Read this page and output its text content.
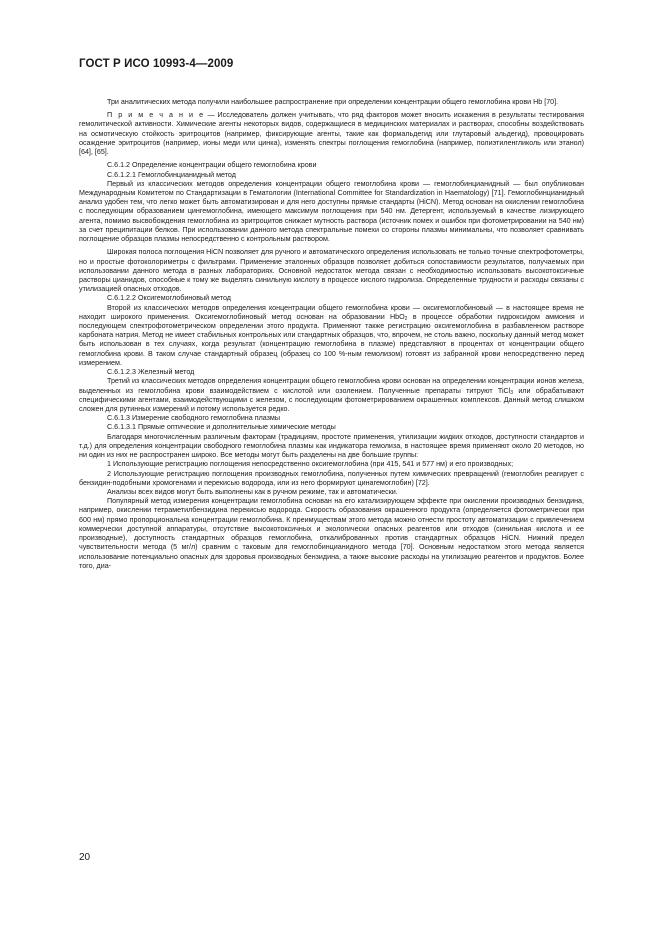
ГОСТ Р ИСО 10993-4—2009

Три аналитических метода получили наибольшее распространение при определении концентрации общего гемоглобина крови Hb [70].

П р и м е ч а н и е — Исследователь должен учитывать, что ряд факторов может вносить искажения в результаты тестирования гемолитической активности. Химические агенты некоторых видов, содержащиеся в медицинских материалах и растворах, способны воздействовать на осмотическую стойкость эритроцитов (например, фиксирующие агенты, такие как формальдегид или глутаровый альдегид), провоцировать осаждение эритроцитов (например, ионы меди или цинка), изменять спектры поглощения гемоглобина (например, полиэтиленгликоль или этанол) [64], [65].

С.6.1.2 Определение концентрации общего гемоглобина крови

С.6.1.2.1 Гемоглобинцианидный метод

Первый из классических методов определения концентрации общего гемоглобина крови — гемоглобинцианидный — был опубликован Международным Комитетом по Стандартизации в Гематологии (International Committee for Standardization in Haematology) [71]. Гемоглобинцианидный анализ удобен тем, что легко может быть автоматизирован и для него доступны прямые стандарты (HiCN). Метод основан на окислении гемоглобина с последующим образованием цингемоглобина, имеющего максимум поглощения при 540 нм. Детергент, используемый в качестве лизирующего агента, помимо высвобождения гемоглобина из эритроцитов снижает мутность раствора (источник помех и ошибок при фотометрировании на 540 нм) за счет преципитации белков. При использовании данного метода спектральные помехи со стороны плазмы минимальны, что позволяет сравнивать поглощение образцов плазмы непосредственно с контрольным раствором.

Широкая полоса поглощения HiCN позволяет для ручного и автоматического определения использовать не только точные спектрофотометры, но и простые фотоколориметры с фильтрами. Применение эталонных образцов позволяет добиться сопоставимости результатов, получаемых при использовании данного метода в разных лабораториях. Основной недостаток метода связан с необходимостью использовать высокотоксичные растворы цианидов, способные к тому же выделять синильную кислоту в процессе кислого гидролиза. Определенные трудности и расходы связаны с утилизацией опасных отходов.

С.6.1.2.2 Оксигемоглобиновый метод

Второй из классических методов определения концентрации общего гемоглобина крови — оксигемоглобиновый — в настоящее время не находит широкого применения. Оксигемоглобиновый метод основан на образовании HbO$_2$ в процессе обработки гидроксидом аммония и последующем спектрофотометрическом определении этого продукта. Применяют также регистрацию оксигемоглобина в разбавленном растворе карбоната натрия. Метод не имеет стабильных контрольных или стандартных образцов, что, впрочем, не столь важно, поскольку данный метод может быть использован в тех случаях, когда результат (концентрацию гемоглобина в плазме) представляют в процентах от концентрации общего гемоглобина крови. В таком случае стандартный образец (образец со 100 %-ным гемолизом) готовят из забранной крови непосредственно перед измерением.

С.6.1.2.3 Железный метод

Третий из классических методов определения концентрации общего гемоглобина крови основан на определении концентрации ионов железа, выделенных из гемоглобина крови взаимодействием с кислотой или озолением. Полученные препараты титруют TiCl$_3$ или обрабатывают специфическими агентами, взаимодействующими с железом, с последующим фотометрированием окрашенных комплексов. Данный метод слишком сложен для рутинных измерений и потому используется редко.

С.6.1.3 Измерение свободного гемоглобина плазмы

С.6.1.3.1 Прямые оптические и дополнительные химические методы

Благодаря многочисленным различным факторам (традициям, простоте применения, утилизации жидких отходов, доступности стандартов и т.д.) для определения концентрации свободного гемоглобина плазмы как индикатора гемолиза, в настоящее время применяют около 20 методов, но ни один из них не распространен широко. Все методы могут быть разделены на две большие группы:

1 Использующие регистрацию поглощения непосредственно оксигемоглобина (при 415, 541 и 577 нм) и его производных;

2 Использующие регистрацию поглощения производных гемоглобина, полученных путем химических превращений (гемоглобин реагирует с бензидин-подобными хромогенами и перекисью водорода, или из него формируют цинагемоглобин) [72].

Анализы всех видов могут быть выполнены как в ручном режиме, так и автоматически.

Популярный метод измерения концентрации гемоглобина основан на его катализирующем эффекте при окислении производных бензидина, например, окислении тетраметилбензидина перекисью водорода. Скорость образования окрашенного продукта (определяется фотометрически при 600 нм) прямо пропорциональна концентрации гемоглобина. К преимуществам этого метода можно отнести простоту автоматизации с привлечением коммерчески доступной аппаратуры, отсутствие высокотоксичных и экологически опасных реагентов или отходов (синильная кислота и ее производные), доступность стандартных образцов гемоглобина, откалиброванных против стандартных образцов HiCN. Нижний предел чувствительности метода (5 мг/л) сравним с таковым для гемоглобинцианидного метода [70]. Основным недостатком этого метода является использование потенциально опасных для здоровья производных бензидина, а также высокие расходы на утилизацию реагентов и продуктов. Более того, диа-

20
